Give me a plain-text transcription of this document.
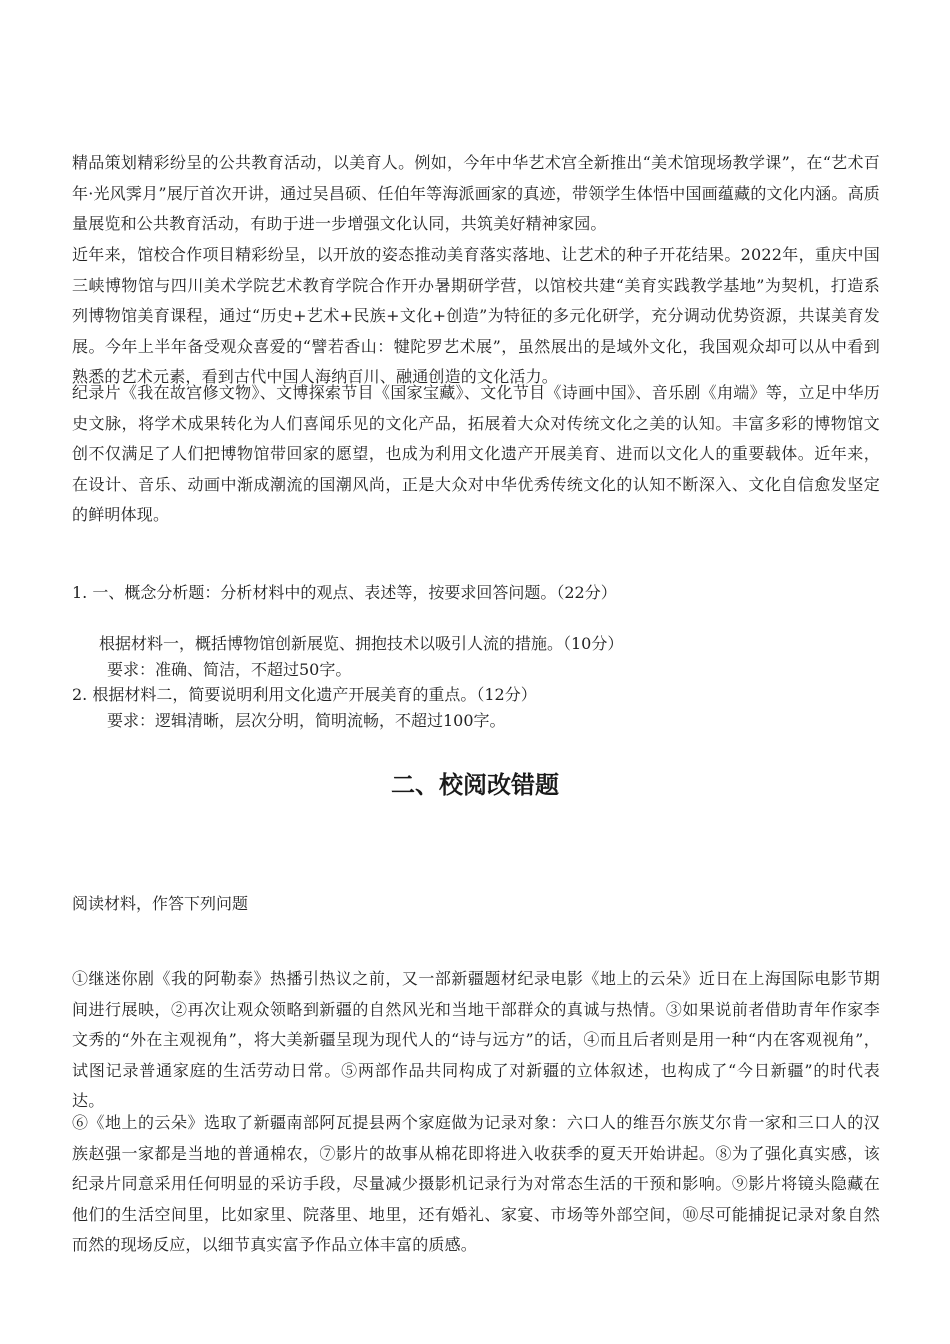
精品策划精彩纷呈的公共教育活动，以美育人。例如，今年中华艺术宫全新推出“美术馆现场教学课”，在“艺术百年·光风霁月”展厅首次开讲，通过吴昌硕、任伯年等海派画家的真迹，带领学生体悟中国画蕴藏的文化内涵。高质量展览和公共教育活动，有助于进一步增强文化认同，共筑美好精神家园。

近年来，馆校合作项目精彩纷呈，以开放的姿态推动美育落实落地、让艺术的种子开花结果。2022年，重庆中国三峡博物馆与四川美术学院艺术教育学院合作开办暑期研学营，以馆校共建“美育实践教学基地”为契机，打造系列博物馆美育课程，通过“历史+艺术+民族+文化+创造”为特征的多元化研学，充分调动优势资源，共谋美育发展。今年上半年备受观众喜爱的“譬若香山：犍陀罗艺术展”，虽然展出的是域外文化，我国观众却可以从中看到熟悉的艺术元素，看到古代中国人海纳百川、融通创造的文化活力。

纪录片《我在故宫修文物》、文博探索节目《国家宝藏》、文化节目《诗画中国》、音乐剧《甪端》等，立足中华历史文脉，将学术成果转化为人们喜闻乐见的文化产品，拓展着大众对传统文化之美的认知。丰富多彩的博物馆文创不仅满足了人们把博物馆带回家的愿望，也成为利用文化遗产开展美育、进而以文化人的重要载体。近年来，在设计、音乐、动画中渐成潮流的国潮风尚，正是大众对中华优秀传统文化的认知不断深入、文化自信愈发坚定的鲜明体现。

1. 一、概念分析题：分析材料中的观点、表述等，按要求回答问题。（22分）

根据材料一，概括博物馆创新展览、拥抱技术以吸引人流的措施。（10分）

要求：准确、简洁，不超过50字。

2. 根据材料二，简要说明利用文化遗产开展美育的重点。（12分）

要求：逻辑清晰，层次分明，简明流畅，不超过100字。

二、校阅改错题

阅读材料，作答下列问题

①继迷你剧《我的阿勒泰》热播引热议之前，又一部新疆题材纪录电影《地上的云朵》近日在上海国际电影节期间进行展映，②再次让观众领略到新疆的自然风光和当地干部群众的真诚与热情。③如果说前者借助青年作家李文秀的“外在主观视角”，将大美新疆呈现为现代人的“诗与远方”的话，④而且后者则是用一种“内在客观视角”，试图记录普通家庭的生活劳动日常。⑤两部作品共同构成了对新疆的立体叙述，也构成了“今日新疆”的时代表达。

⑥《地上的云朵》选取了新疆南部阿瓦提县两个家庭做为记录对象：六口人的维吾尔族艾尔肯一家和三口人的汉族赵强一家都是当地的普通棉农，⑦影片的故事从棉花即将进入收获季的夏天开始讲起。⑧为了强化真实感，该纪录片同意采用任何明显的采访手段，尽量减少摄影机记录行为对常态生活的干预和影响。⑨影片将镜头隐藏在他们的生活空间里，比如家里、院落里、地里，还有婚礼、家宴、市场等外部空间，⑩尽可能捕捉记录对象自然而然的现场反应，以细节真实富予作品立体丰富的质感。
